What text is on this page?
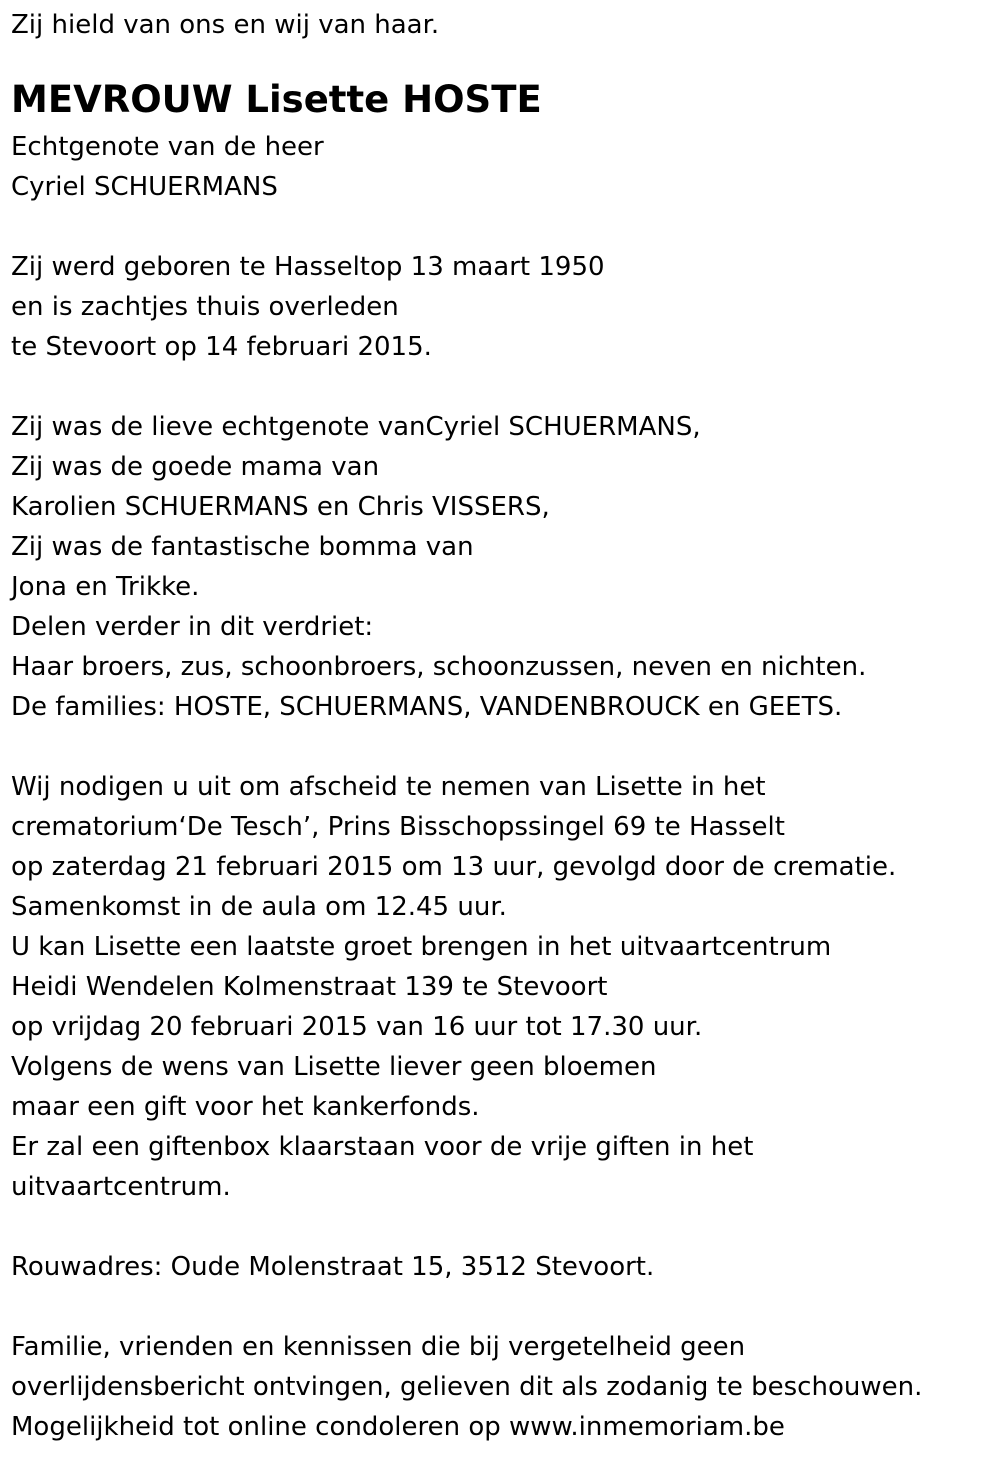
Zij hield van ons en wij van haar.

MEVROUW Lisette HOSTE

Echtgenote van de heer

Cyriel SCHUERMANS

Zij werd geboren te Hasseltop 13 maart 1950

en is zachtjes thuis overleden

te Stevoort op 14 februari 2015.

Zij was de lieve echtgenote vanCyriel SCHUERMANS,

Zij was de goede mama van

Karolien SCHUERMANS en Chris VISSERS,

Zij was de fantastische bomma van

Jona en Trikke.

Delen verder in dit verdriet:

Haar broers, zus, schoonbroers, schoonzussen, neven en nichten.

De families: HOSTE, SCHUERMANS, VANDENBROUCK en GEETS.

Wij nodigen u uit om afscheid te nemen van Lisette in het

crematorium‘De Tesch’, Prins Bisschopssingel 69 te Hasselt

op zaterdag 21 februari 2015 om 13 uur, gevolgd door de crematie.

Samenkomst in de aula om 12.45 uur.

U kan Lisette een laatste groet brengen in het uitvaartcentrum

Heidi Wendelen Kolmenstraat 139 te Stevoort

op vrijdag 20 februari 2015 van 16 uur tot 17.30 uur.

Volgens de wens van Lisette liever geen bloemen

maar een gift voor het kankerfonds.

Er zal een giftenbox klaarstaan voor de vrije giften in het

uitvaartcentrum.

Rouwadres: Oude Molenstraat 15, 3512 Stevoort.

Familie, vrienden en kennissen die bij vergetelheid geen

overlijdensbericht ontvingen, gelieven dit als zodanig te beschouwen.

Mogelijkheid tot online condoleren op www.inmemoriam.be
